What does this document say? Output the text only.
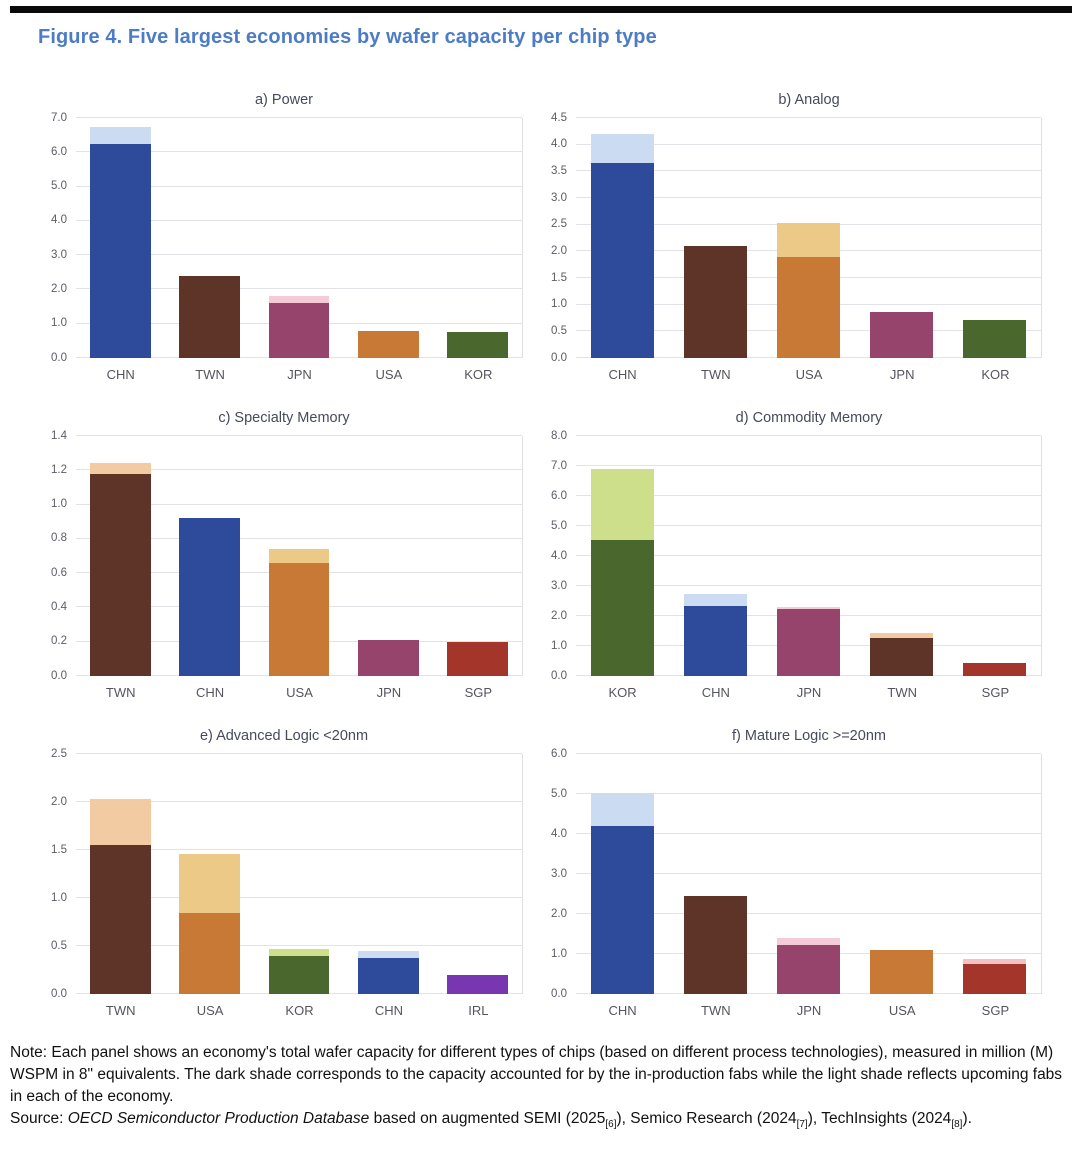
Figure 4. Five largest economies by wafer capacity per chip type
a) Power
0.0
1.0
2.0
3.0
4.0
5.0
6.0
7.0
CHN	TWN	JPN	USA	KOR
b) Analog
0.0
0.5
1.0
1.5
2.0
2.5
3.0
3.5
4.0
4.5
CHN	TWN	USA	JPN	KOR
c) Specialty Memory
0.0
0.2
0.4
0.6
0.8
1.0
1.2
1.4
TWN	CHN	USA	JPN	SGP
d) Commodity Memory
0.0
1.0
2.0
3.0
4.0
5.0
6.0
7.0
8.0
KOR	CHN	JPN	TWN	SGP
e) Advanced Logic <20nm
0.0
0.5
1.0
1.5
2.0
2.5
TWN	USA	KOR	CHN	IRL
f) Mature Logic >=20nm
0.0
1.0
2.0
3.0
4.0
5.0
6.0
CHN	TWN	JPN	USA	SGP

Note: Each panel shows an economy's total wafer capacity for different types of chips (based on different process technologies), measured in million (M) WSPM in 8" equivalents. The dark shade corresponds to the capacity accounted for by the in-production fabs while the light shade reflects upcoming fabs in each of the economy.

Source: OECD Semiconductor Production Database based on augmented SEMI $(2025_{[6]})$, Semico Research $(2024_{[7]})$, TechInsights $(2024_{[8]})$.
